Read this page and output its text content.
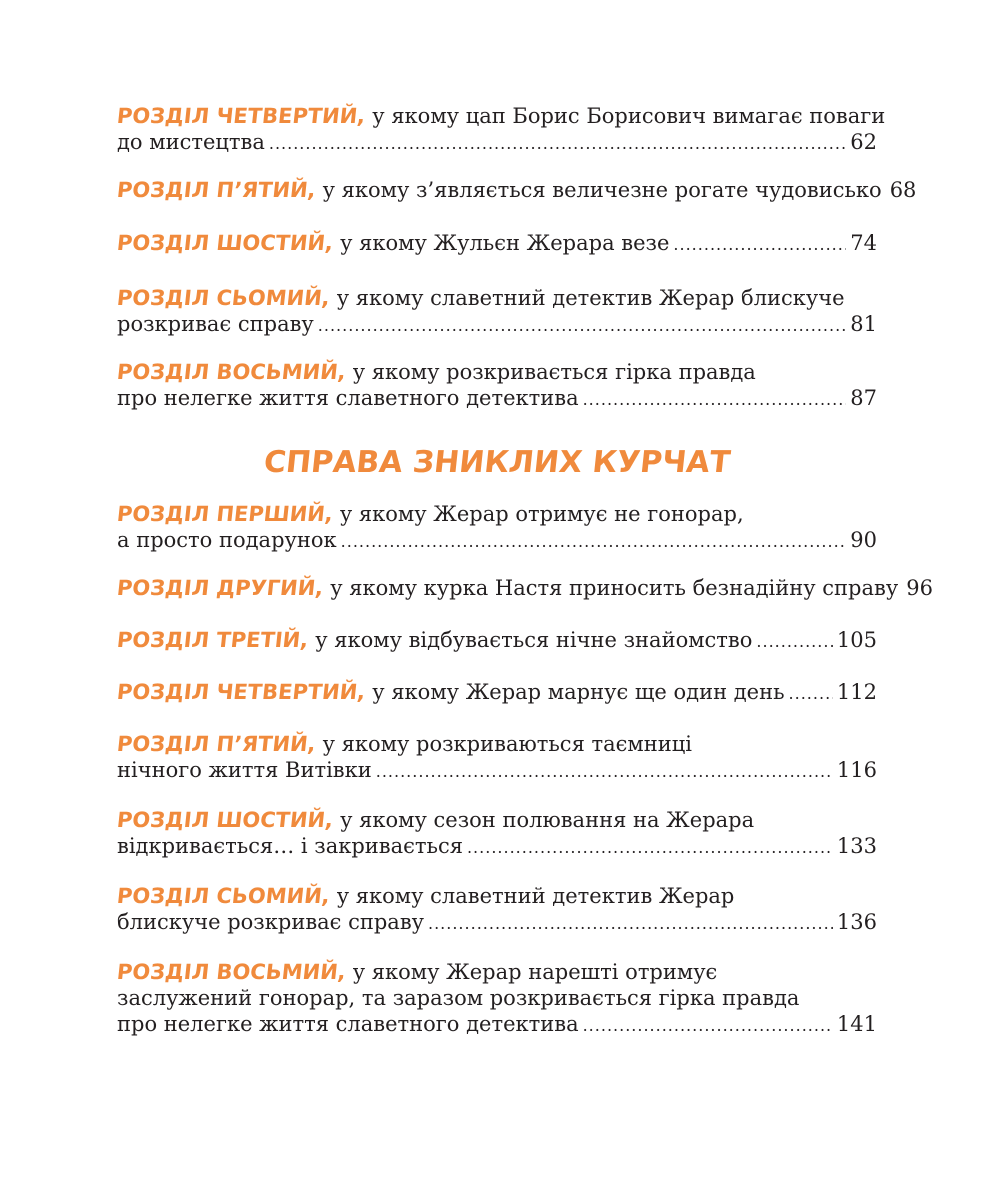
РОЗДІЛ ЧЕТВЕРТИЙ, у якому цап Борис Борисович вимагає поваги
до мистецтва .....	62
РОЗДІЛ П’ЯТИЙ, у якому з’являється величезне рогате чудовисько 68
РОЗДІЛ ШОСТИЙ, у якому Жульєн Жерара везе .....	74
РОЗДІЛ СЬОМИЙ, у якому славетний детектив Жерар блискуче
розкриває справу .....	81
РОЗДІЛ ВОСЬМИЙ, у якому розкривається гірка правда
про нелегке життя славетного детектива .....	87
СПРАВА ЗНИКЛИХ КУРЧАТ
РОЗДІЛ ПЕРШИЙ, у якому Жерар отримує не гонорар,
а просто подарунок .....	90
РОЗДІЛ ДРУГИЙ, у якому курка Настя приносить безнадійну справу 96
РОЗДІЛ ТРЕТІЙ, у якому відбувається нічне знайомство .....	105
РОЗДІЛ ЧЕТВЕРТИЙ, у якому Жерар марнує ще один день ..... 112
РОЗДІЛ П’ЯТИЙ, у якому розкриваються таємниці
нічного життя Витівки .....	116
РОЗДІЛ ШОСТИЙ, у якому сезон полювання на Жерара
відкривається… і закривається .....	133
РОЗДІЛ СЬОМИЙ, у якому славетний детектив Жерар
блискуче розкриває справу .....	136
РОЗДІЛ ВОСЬМИЙ, у якому Жерар нарешті отримує
заслужений гонорар, та заразом розкривається гірка правда
про нелегке життя славетного детектива .....	141
